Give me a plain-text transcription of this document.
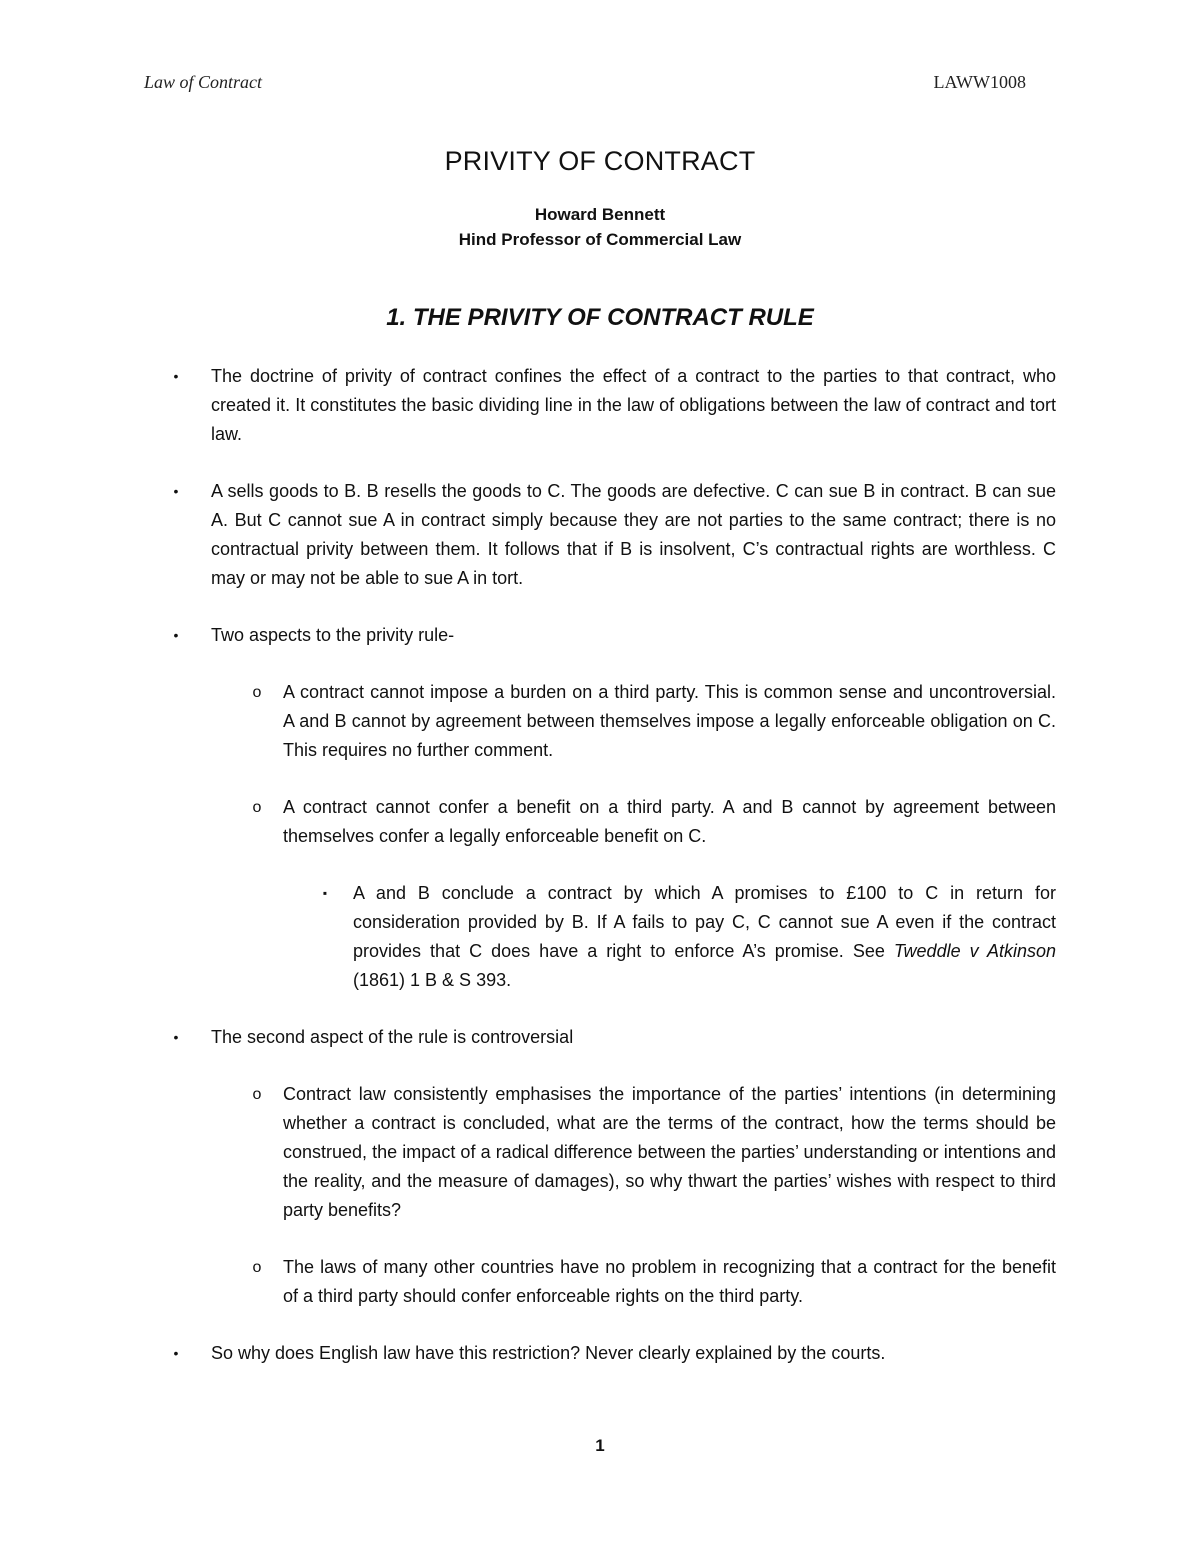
Law of Contract	LAWW1008
PRIVITY OF CONTRACT
Howard Bennett
Hind Professor of Commercial Law
1. THE PRIVITY OF CONTRACT RULE
•	The doctrine of privity of contract confines the effect of a contract to the parties to that contract, who created it. It constitutes the basic dividing line in the law of obligations between the law of contract and tort law.
•	A sells goods to B. B resells the goods to C. The goods are defective. C can sue B in contract. B can sue A. But C cannot sue A in contract simply because they are not parties to the same contract; there is no contractual privity between them. It follows that if B is insolvent, C’s contractual rights are worthless. C may or may not be able to sue A in tort.
•	Two aspects to the privity rule-
o A contract cannot impose a burden on a third party. This is common sense and uncontroversial. A and B cannot by agreement between themselves impose a legally enforceable obligation on C. This requires no further comment.
o A contract cannot confer a benefit on a third party. A and B cannot by agreement between themselves confer a legally enforceable benefit on C.
▪	A and B conclude a contract by which A promises to £100 to C in return for consideration provided by B. If A fails to pay C, C cannot sue A even if the contract provides that C does have a right to enforce A’s promise. See Tweddle v Atkinson (1861) 1 B & S 393.
•	The second aspect of the rule is controversial
o Contract law consistently emphasises the importance of the parties’ intentions (in determining whether a contract is concluded, what are the terms of the contract, how the terms should be construed, the impact of a radical difference between the parties’ understanding or intentions and the reality, and the measure of damages), so why thwart the parties’ wishes with respect to third party benefits?
o The laws of many other countries have no problem in recognizing that a contract for the benefit of a third party should confer enforceable rights on the third party.
•	So why does English law have this restriction? Never clearly explained by the courts.
1
